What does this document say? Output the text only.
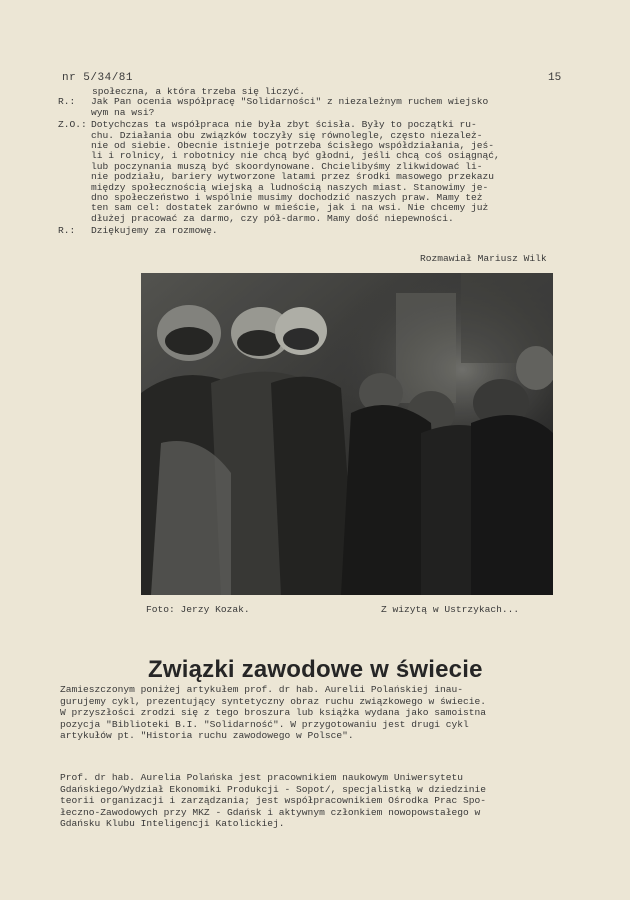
nr 5/34/81	15
społeczna, a która trzeba się liczyć.
R.:	Jak Pan ocenia współpracę "Solidarności" z niezależnym ruchem wiejsko
wym na wsi?
Z.O.: Dotychczas ta współpraca nie była zbyt ścisła. Były to początki ru-
chu. Działania obu związków toczyły się równolegle, często niezależ-
nie od siebie. Obecnie istnieje potrzeba ścisłego współdziałania, jeś-
li i rolnicy, i robotnicy nie chcą być głodni, jeśli chcą coś osiągnąć,
lub poczynania muszą być skoordynowane. Chcielibyśmy zlikwidować li-
nie podziału, bariery wytworzone latami przez środki masowego przekazu
między społecznością wiejską a ludnością naszych miast. Stanowimy je-
dno społeczeństwo i wspólnie musimy dochodzić naszych praw. Mamy też
ten sam cel: dostatek zarówno w mieście, jak i na wsi. Nie chcemy już
dłużej pracować za darmo, czy pół-darmo. Mamy dość niepewności.
R.:	Dziękujemy za rozmowę.
Rozmawiał Mariusz Wilk
Foto: Jerzy Kozak.	Z wizytą w Ustrzykach...
Związki zawodowe w świecie
Zamieszczonym poniżej artykułem prof. dr hab. Aurelii Polańskiej inau-
gurujemy cykl, prezentujący syntetyczny obraz ruchu związkowego w świecie.
W przyszłości zrodzi się z tego broszura lub książka wydana jako samoistna
pozycja "Biblioteki B.I. "Solidarność". W przygotowaniu jest drugi cykl
artykułów pt. "Historia ruchu zawodowego w Polsce".
Prof. dr hab. Aurelia Polańska jest pracownikiem naukowym Uniwersytetu
Gdańskiego/Wydział Ekonomiki Produkcji - Sopot/, specjalistką w dziedzinie
teorii organizacji i zarządzania; jest współpracownikiem Ośrodka Prac Spo-
łeczno-Zawodowych przy MKZ - Gdańsk i aktywnym członkiem nowopowstałego w
Gdańsku Klubu Inteligencji Katolickiej.
